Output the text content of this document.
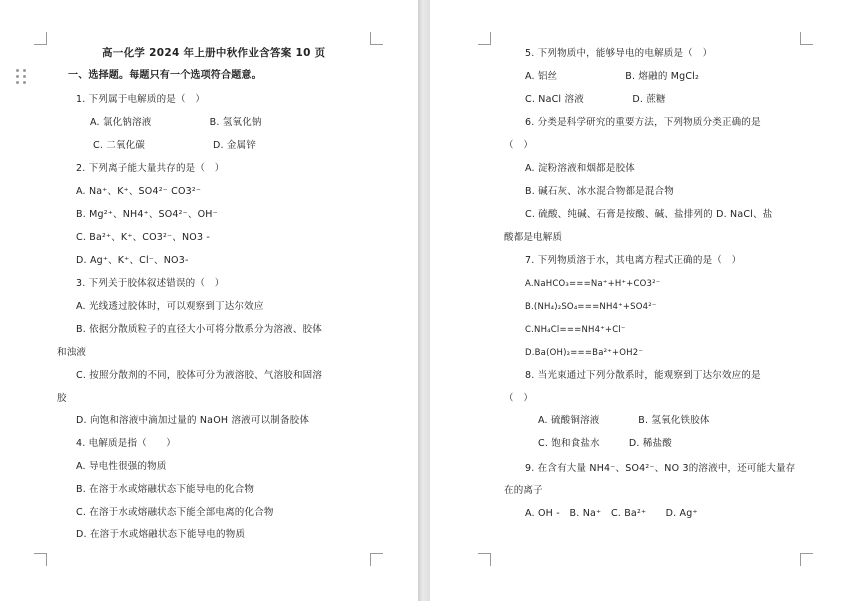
高一化学 2024 年上册中秋作业含答案 10 页
一、选择题。每题只有一个选项符合题意。
1. 下列属于电解质的是（　）
A. 氯化钠溶液　　　　　　B. 氢氧化钠
C. 二氧化碳　　　　　　　D. 金属锌
2. 下列离子能大量共存的是（　）
A. Na⁺、K⁺、SO4²⁻ CO3²⁻
B. Mg²⁺、NH4⁺、SO4²⁻、OH⁻
C. Ba²⁺、K⁺、CO3²⁻、NO3 -
D. Ag⁺、K⁺、Cl⁻、NO3-
3. 下列关于胶体叙述错误的（　）
A. 光线透过胶体时，可以观察到丁达尔效应
B. 依据分散质粒子的直径大小可将分散系分为溶液、胶体
和浊液
C. 按照分散剂的不同，胶体可分为液溶胶、气溶胶和固溶
胶
D. 向饱和溶液中滴加过量的 NaOH 溶液可以制备胶体
4. 电解质是指（　　）
A. 导电性很强的物质
B. 在溶于水或熔融状态下能导电的化合物
C. 在溶于水或熔融状态下能全部电离的化合物
D. 在溶于水或熔融状态下能导电的物质
5. 下列物质中，能够导电的电解质是（　）
A. 铝丝　　　　　　　B. 熔融的 MgCl₂
C. NaCl 溶液　　　　　D. 蔗糖
6. 分类是科学研究的重要方法，下列物质分类正确的是
（　）
A. 淀粉溶液和烟都是胶体
B. 碱石灰、冰水混合物都是混合物
C. 硫酸、纯碱、石膏是按酸、碱、盐排列的 D. NaCl、盐
酸都是电解质
7. 下列物质溶于水，其电离方程式正确的是（　）
A.NaHCO₃===Na⁺+H⁺+CO3²⁻
B.(NH₄)₂SO₄===NH4⁺+SO4²⁻
C.NH₄Cl===NH4⁺+Cl⁻
D.Ba(OH)₂===Ba²⁺+OH2⁻
8. 当光束通过下列分散系时，能观察到丁达尔效应的是
（　）
A. 硫酸铜溶液　　　　B. 氢氧化铁胶体
C. 饱和食盐水　　　D. 稀盐酸
9. 在含有大量 NH4⁻、SO4²⁻、NO 3的溶液中，还可能大量存
在的离子
A. OH -　B. Na⁺　C. Ba²⁺　　D. Ag⁺
